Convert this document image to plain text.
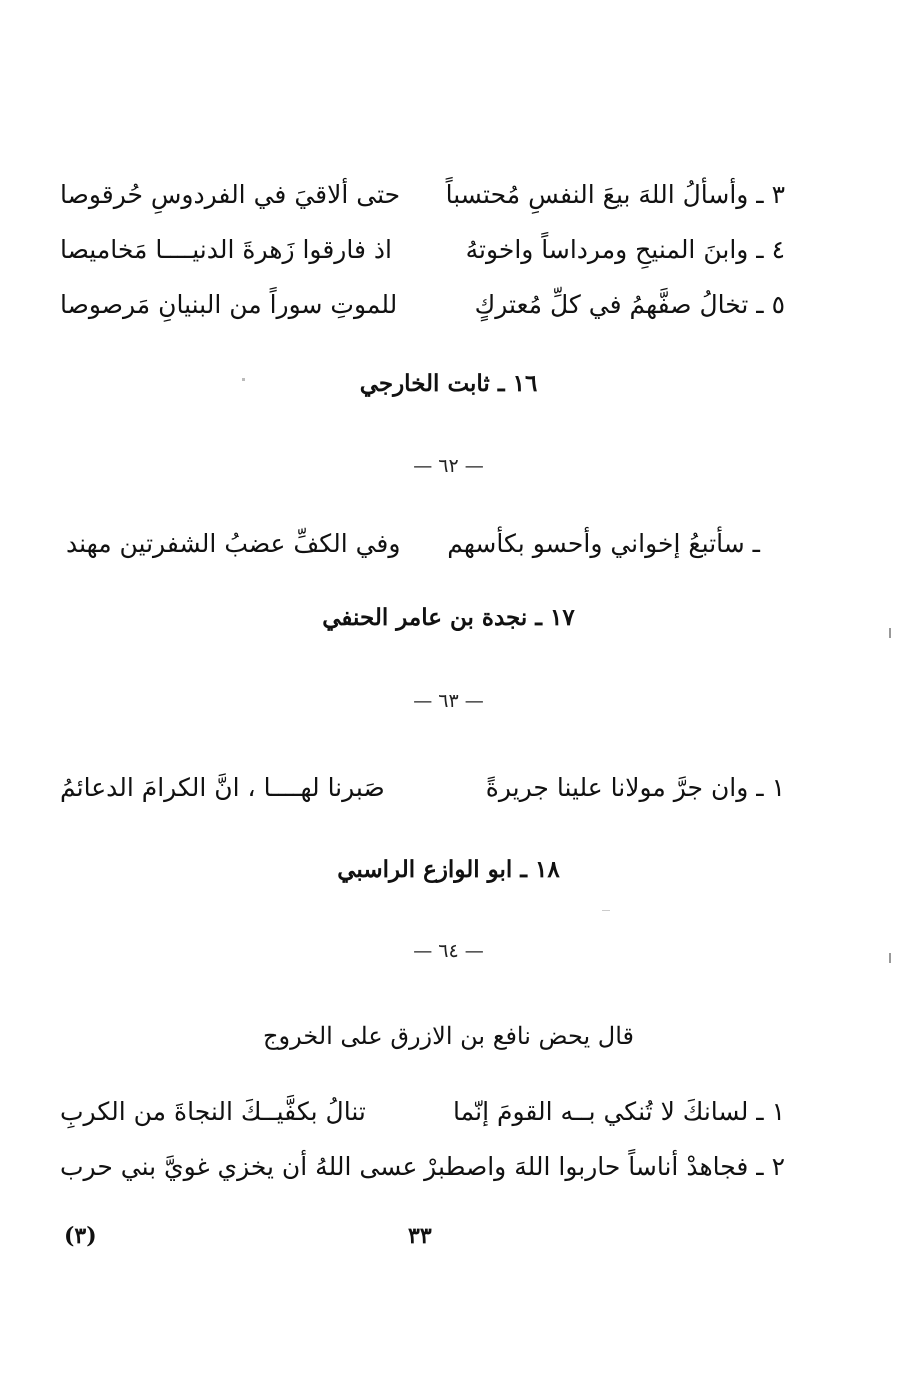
٣ ـ وأسألُ اللهَ بيعَ النفسِ مُحتسباً
حتى ألاقيَ في الفردوسِ حُرقوصا
٤ ـ وابنَ المنيحِ ومرداساً واخوتهُ
اذ فارقوا زَهرةَ الدنيــــا مَخاميصا
٥ ـ تخالُ صفَّهمُ في كلِّ مُعتركٍ
للموتِ سوراً من البنيانِ مَرصوصا
١٦ ـ ثابت الخارجي
— ٦٢ —
ـ سأتبعُ إخواني وأحسو بكأسهم
وفي الكفِّ عضبُ الشفرتين مهند
١٧ ـ نجدة بن عامر الحنفي
— ٦٣ —
١ ـ وان جرَّ مولانا علينا جريرةً
صَبرنا لهــــا ، انَّ الكرامَ الدعائمُ
١٨ ـ ابو الوازع الراسبي
— ٦٤ —
قال يحض نافع بن الازرق على الخروج
١ ـ لسانكَ لا تُنكي بــه القومَ إنّما
تنالُ بكفَّيــكَ النجاةَ من الكربِ
٢ ـ فجاهدْ أناساً حاربوا اللهَ واصطبرْ
عسى اللهُ أن يخزي غويَّ بني حرب
(٣)	٣٣
